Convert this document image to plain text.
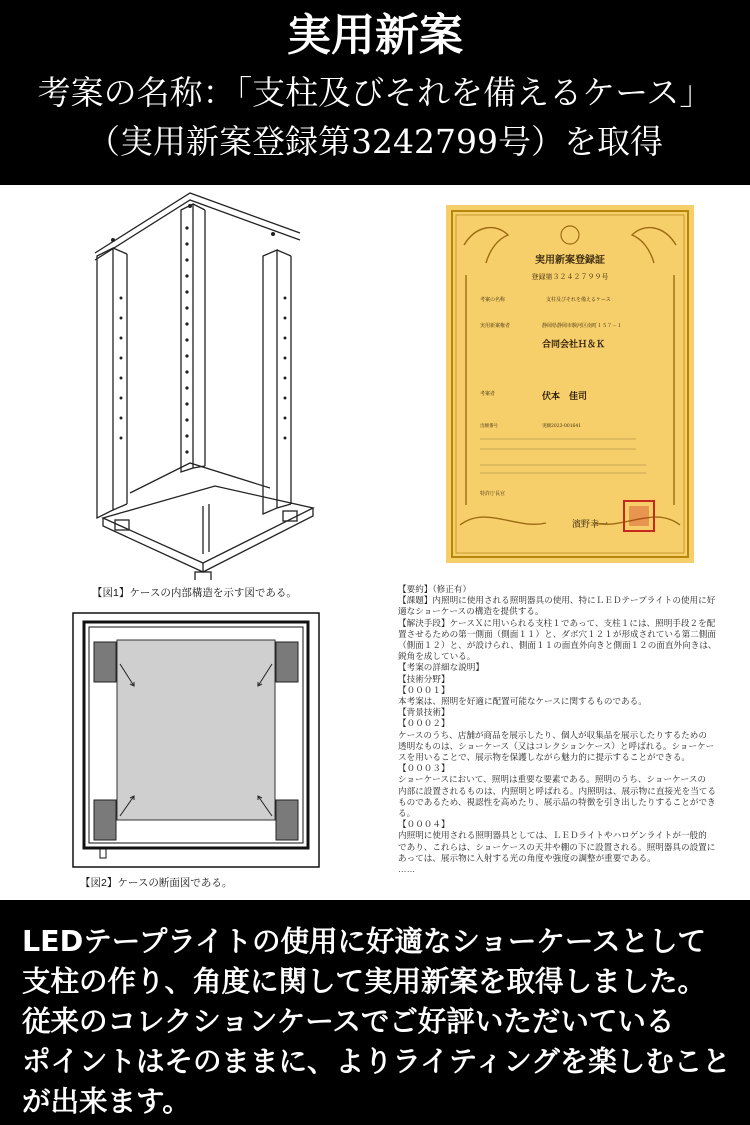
実用新案
考案の名称：「支柱及びそれを備えるケース」
（実用新案登録第3242799号）を取得
【図1】ケースの内部構造を示す図である。
【図2】ケースの断面図である。
実用新案登録証
登録第３２４２７９９号
考案の名称	支柱及びそれを備えるケース
実用新案権者	静岡県静岡市駿河区南町１５７－１
合同会社Ｈ＆Ｋ
考案者	伏本　佳司
出願番号	実願2023-001641
特許庁長官
濱野幸一
【要約】（修正有）
【課題】内照明に使用される照明器具の使用、特にＬＥＤテープライトの使用に好
適なショーケースの構造を提供する。
【解決手段】ケースＸに用いられる支柱１であって、支柱１には、照明手段２を配
置させるための第一側面（側面１１）と、ダボ穴１２１が形成されている第二側面
（側面１２）と、が設けられ、側面１１の面直外向きと側面１２の面直外向きは、
鋭角を成している。
【考案の詳細な説明】
【技術分野】
【０００１】
本考案は、照明を好適に配置可能なケースに関するものである。
【背景技術】
【０００２】
ケースのうち、店舗が商品を展示したり、個人が収集品を展示したりするための
透明なものは、ショーケース（又はコレクションケース）と呼ばれる。ショーケー
スを用いることで、展示物を保護しながら魅力的に提示することができる。
【０００３】
ショーケースにおいて、照明は重要な要素である。照明のうち、ショーケースの
内部に設置されるものは、内照明と呼ばれる。内照明は、展示物に直接光を当てる
ものであるため、視認性を高めたり、展示品の特徴を引き出したりすることができ
る。
【０００４】
内照明に使用される照明器具としては、ＬＥＤライトやハロゲンライトが一般的
であり、これらは、ショーケースの天井や棚の下に設置される。照明器具の設置に
あっては、展示物に入射する光の角度や強度の調整が重要である。
……
LEDテープライトの使用に好適なショーケースとして
支柱の作り、角度に関して実用新案を取得しました。
従来のコレクションケースでご好評いただいている
ポイントはそのままに、よりライティングを楽しむこと
が出来ます。
